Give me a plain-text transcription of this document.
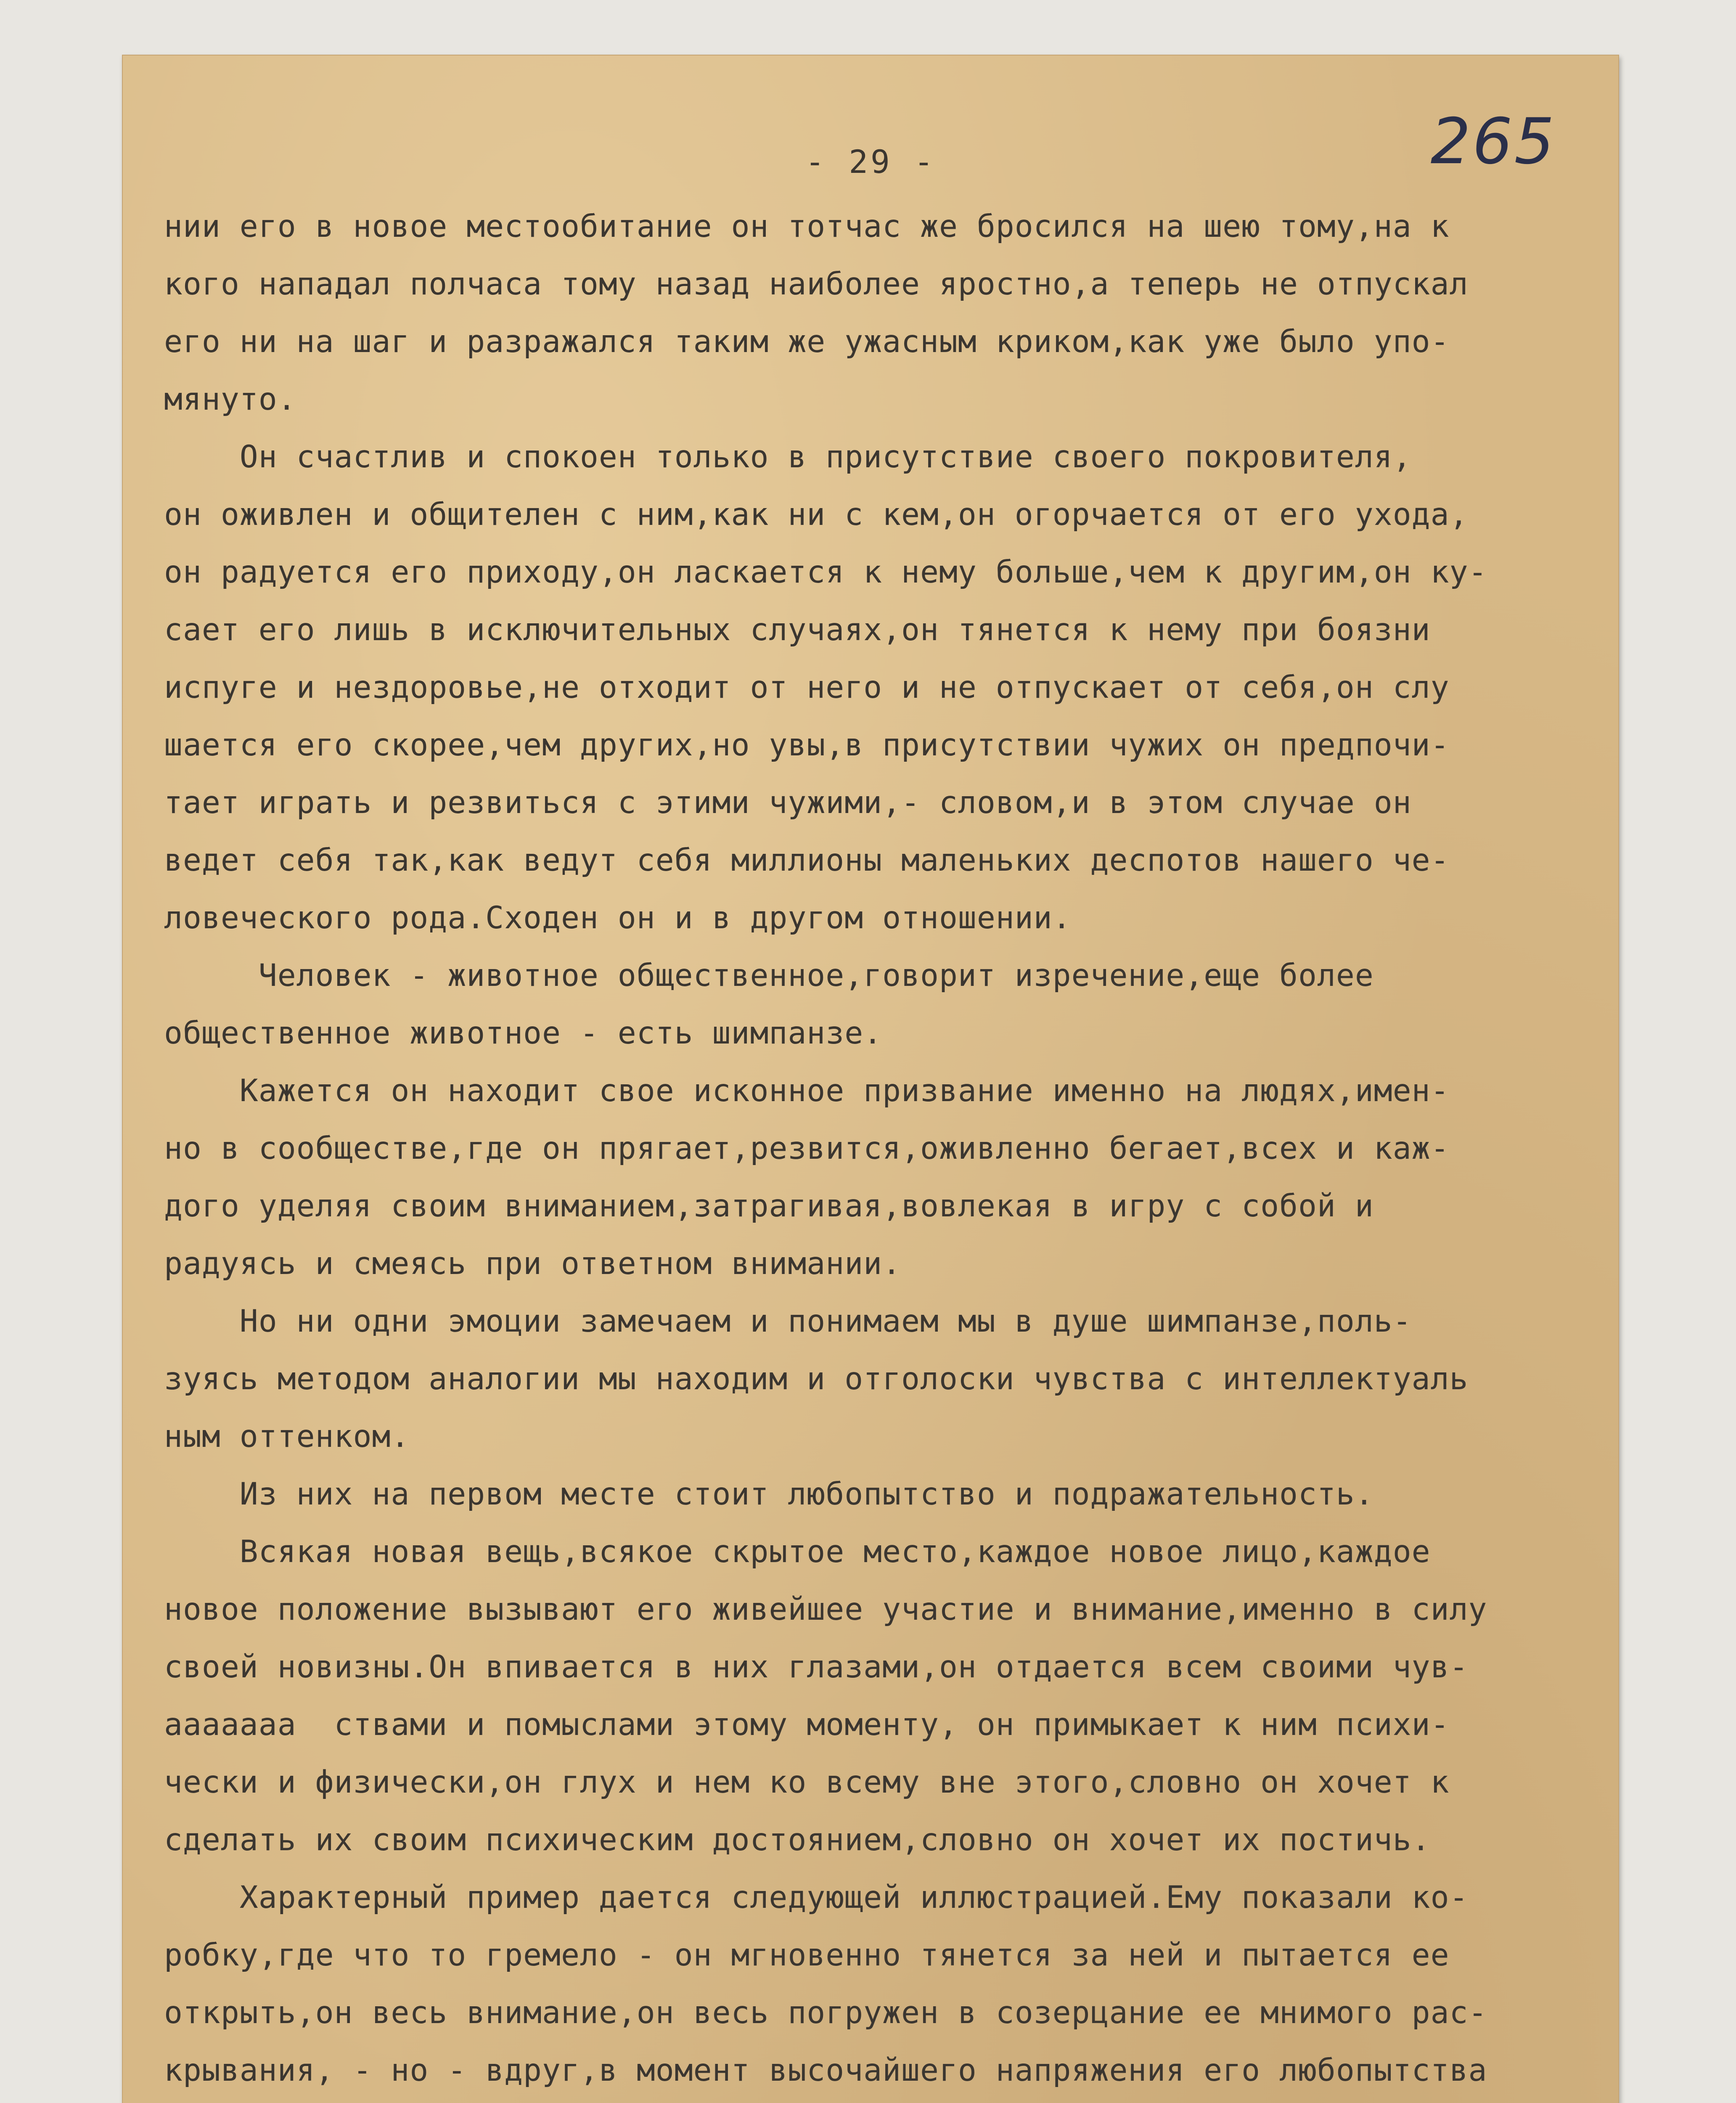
265
- 29 -
нии его в новое местообитание он тотчас же бросился на шею тому,на к
кого нападал полчаса тому назад наиболее яростно,а теперь не отпускал
его ни на шаг и разражался таким же ужасным криком,как уже было упо-
мянуто.
Он счастлив и спокоен только в присутствие своего покровителя,
он оживлен и общителен с ним,как ни с кем,он огорчается от его ухода,
он радуется его приходу,он ласкается к нему больше,чем к другим,он ку-
сает его лишь в исключительных случаях,он тянется к нему при боязни
испуге и нездоровье,не отходит от него и не отпускает от себя,он слу
шается его скорее,чем других,но увы,в присутствии чужих он предпочи-
тает играть и резвиться с этими чужими,- словом,и в этом случае он
ведет себя так,как ведут себя миллионы маленьких деспотов нашего че-
ловеческого рода.Сходен он и в другом отношении.
Человек - животное общественное,говорит изречение,еще более
общественное животное - есть шимпанзе.
Кажется он находит свое исконное призвание именно на людях,имен-
но в сообществе,где он прягает,резвится,оживленно бегает,всех и каж-
дого уделяя своим вниманием,затрагивая,вовлекая в игру с собой и
радуясь и смеясь при ответном внимании.
Но ни одни эмоции замечаем и понимаем мы в душе шимпанзе,поль-
зуясь методом аналогии мы находим и отголоски чувства с интеллектуаль
ным оттенком.
Из них на первом месте стоит любопытство и подражательность.
Всякая новая вещь,всякое скрытое место,каждое новое лицо,каждое
новое положение вызывают его живейшее участие и внимание,именно в силу
своей новизны.Он впивается в них глазами,он отдается всем своими чув-
ааааааа  ствами и помыслами этому моменту, он примыкает к ним психи-
чески и физически,он глух и нем ко всему вне этого,словно он хочет к
сделать их своим психическим достоянием,словно он хочет их постичь.
Характерный пример дается следующей иллюстрацией.Ему показали ко-
робку,где что то гремело - он мгновенно тянется за ней и пытается ее
открыть,он весь внимание,он весь погружен в созерцание ее мнимого рас-
крывания, - но - вдруг,в момент высочайшего напряжения его любопытства
